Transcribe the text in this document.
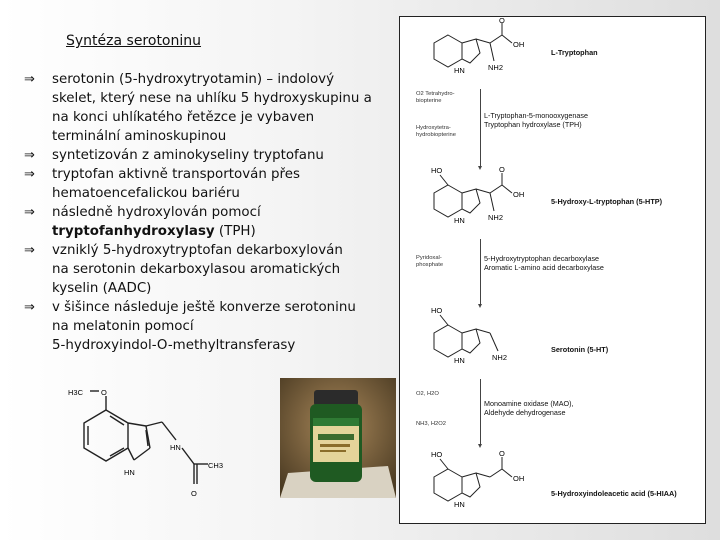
Syntéza serotoninu
⇒ serotonin (5-hydroxytryotamin) – indolový
skelet, který nese na uhlíku 5 hydroxyskupinu a
na konci uhlíkatého řetězce je vybaven
terminální aminoskupinou
⇒ syntetizován z aminokyseliny tryptofanu
⇒ tryptofan aktivně transportován přes
hematoencefalickou bariéru
⇒ následně hydroxylován pomocí
tryptofanhydroxylasy (TPH)
⇒ vzniklý 5-hydroxytryptofan dekarboxylován
na serotonin dekarboxylasou aromatických
kyselin (AADC)
⇒ v šišince následuje ještě konverze serotoninu
na melatonin pomocí
5-hydroxyindol-O-methyltransferasy
H3C O
HN
HN
CH3
O
O
OH
HN	NH2
HO	O
OH
HN	NH2
HO
HN	NH2
HO	O
OH
HN
L-Tryptophan
5-Hydroxy-L-tryptophan (5-HTP)
Serotonin (5-HT)
5-Hydroxyindoleacetic acid (5-HIAA)
L-Tryptophan-5-monooxygenase
Tryptophan hydroxylase (TPH)
5-Hydroxytryptophan decarboxylase
Aromatic L-amino acid decarboxylase
Monoamine oxidase (MAO),
Aldehyde dehydrogenase
O2 Tetrahydro-
biopterine
Hydroxytetra-
hydrobiopterine
Pyridoxal-
phosphate
O2, H2O
NH3, H2O2
